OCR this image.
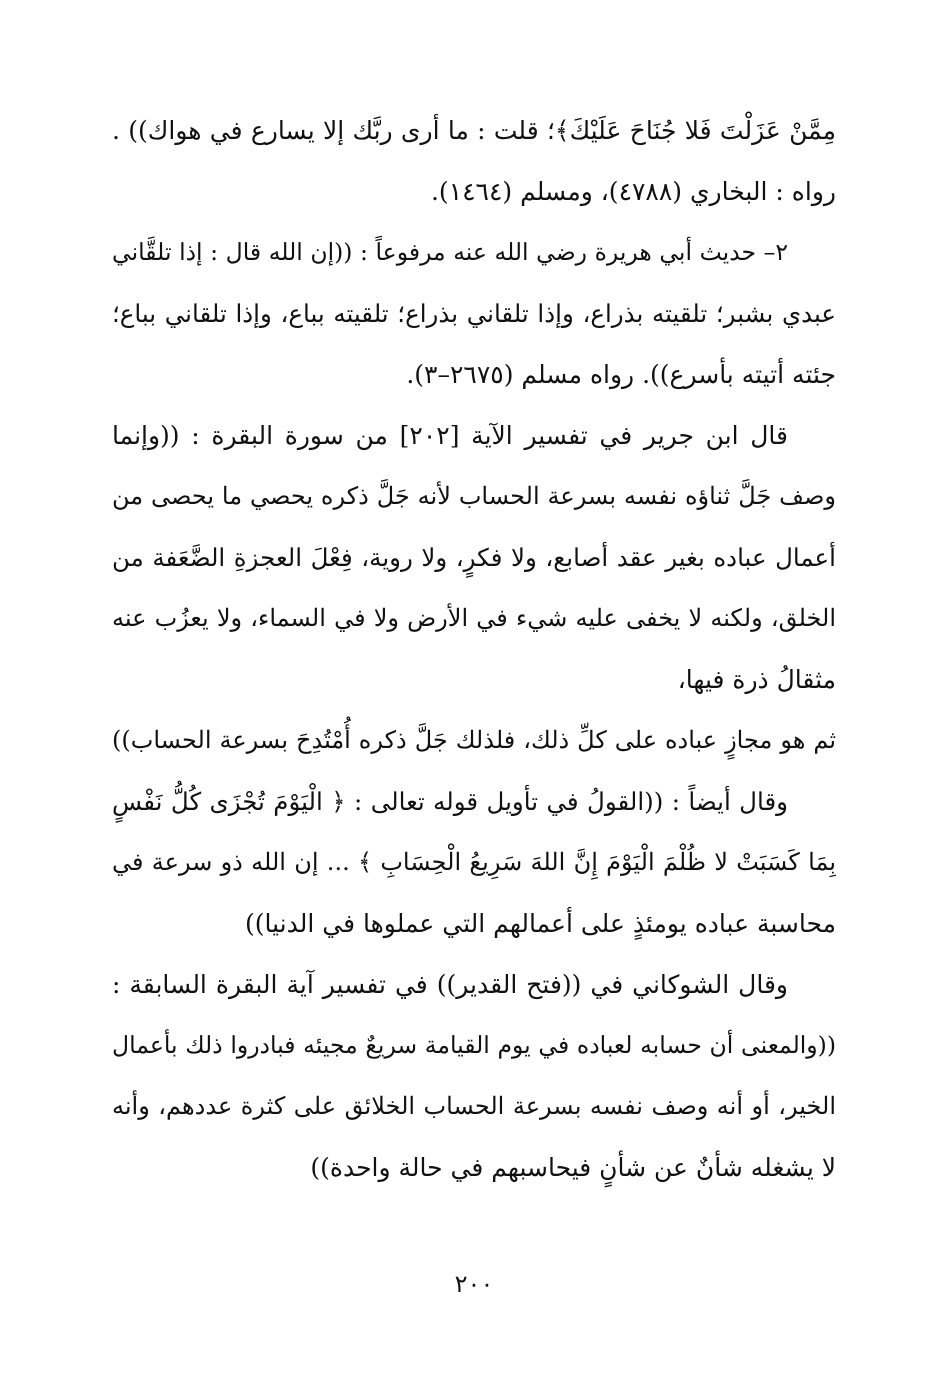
مِمَّنْ عَزَلْتَ فَلا جُنَاحَ عَلَيْكَ﴾؛ قلت : ما أرى ربَّك إلا يسارع في هواك)) .
رواه : البخاري (٤٧٨٨)، ومسلم (١٤٦٤).
٢– حديث أبي هريرة رضي الله عنه مرفوعاً : ((إن الله قال : إذا تلقَّاني
عبدي بشبر؛ تلقيته بذراع، وإذا تلقاني بذراع؛ تلقيته بباع، وإذا تلقاني بباع؛
جئته أتيته بأسرع)). رواه مسلم (٢٦٧٥–٣).
قال ابن جرير في تفسير الآية [٢٠٢] من سورة البقرة : ((وإنما
وصف جَلَّ ثناؤه نفسه بسرعة الحساب لأنه جَلَّ ذكره يحصي ما يحصى من
أعمال عباده بغير عقد أصابع، ولا فكرٍ، ولا روية، فِعْلَ العجزةِ الضَّعَفة من
الخلق، ولكنه لا يخفى عليه شيء في الأرض ولا في السماء، ولا يعزُب عنه
مثقالُ ذرة فيها،
ثم هو مجازٍ عباده على كلِّ ذلك، فلذلك جَلَّ ذكره أُمْتُدِحَ بسرعة الحساب))
وقال أيضاً : ((القولُ في تأويل قوله تعالى : ﴿ الْيَوْمَ تُجْزَى كُلُّ نَفْسٍ
بِمَا كَسَبَتْ لا ظُلْمَ الْيَوْمَ إِنَّ اللهَ سَرِيعُ الْحِسَابِ ﴾ ... إن الله ذو سرعة في
محاسبة عباده يومئذٍ على أعمالهم التي عملوها في الدنيا))
وقال الشوكاني في ((فتح القدير)) في تفسير آية البقرة السابقة :
((والمعنى أن حسابه لعباده في يوم القيامة سريعٌ مجيئه فبادروا ذلك بأعمال
الخير، أو أنه وصف نفسه بسرعة الحساب الخلائق على كثرة عددهم، وأنه
لا يشغله شأنٌ عن شأنٍ فيحاسبهم في حالة واحدة))
٢٠٠
